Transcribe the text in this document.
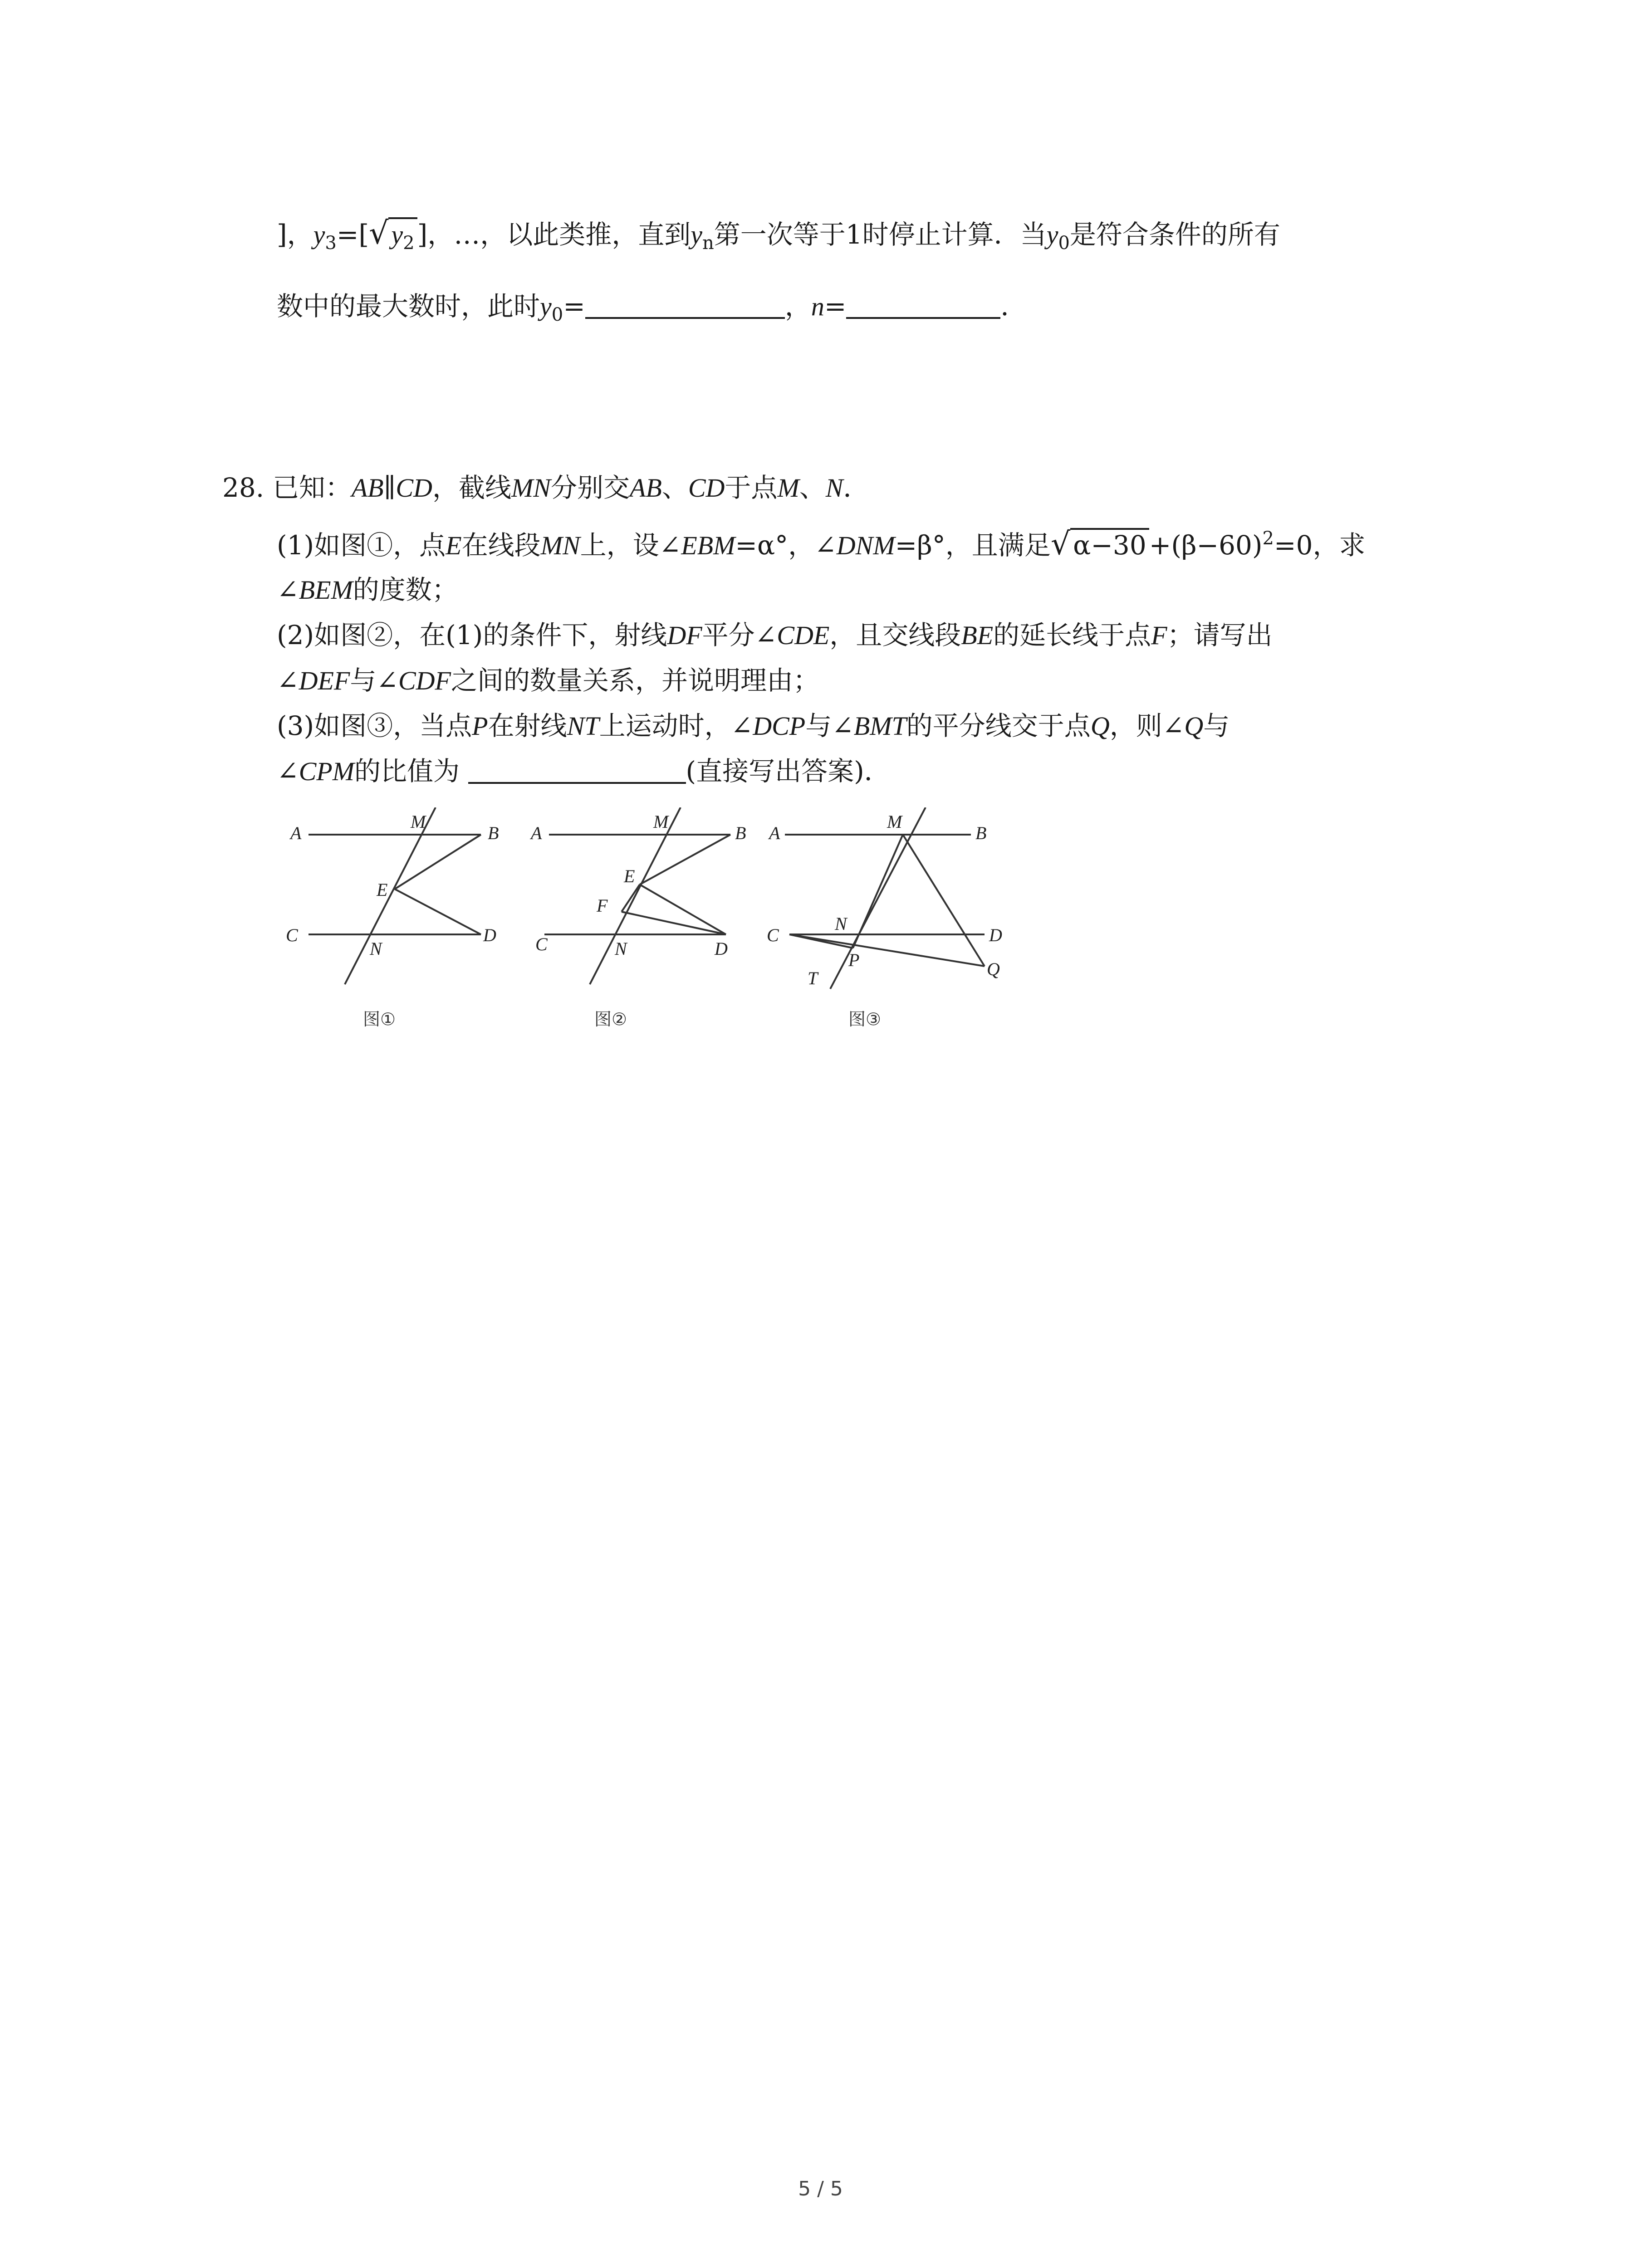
]，$y_3=[√$ $y_2$ ]，…，以此类推，直到$y_n$第一次等于1时停止计算．当$y_0$是符合条件的所有
数中的最大数时，此时$y_0=$	，n=	．
28. 已知：AB∥CD，截线MN分别交AB、CD于点M、N．
(1)如图①，点E在线段MN上，设∠EBM=α°，∠DNM=β°，且满足√ $\alpha-30 +(\beta-60)^2=0$，求
∠BEM的度数；
(2)如图②，在(1)的条件下，射线DF平分∠CDE，且交线段BE的延长线于点F；请写出
∠DEF与∠CDF之间的数量关系，并说明理由；
(3)如图③，当点P在射线NT上运动时，∠DCP与∠BMT的平分线交于点Q，则∠Q与
∠CPM的比值为	(直接写出答案)．
A
M
B
E
C
N
D
A
M
B
E
F
C	N	D
A
M
B
C
N
D
P
T	Q
图①	图②	图③
5 / 5
